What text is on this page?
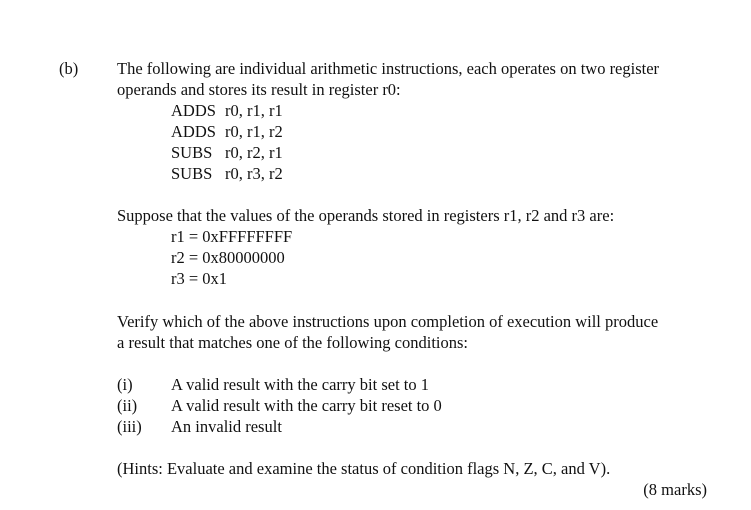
(b) The following are individual arithmetic instructions, each operates on two register
operands and stores its result in register r0:
ADDS r0, r1, r1
ADDS r0, r1, r2
SUBS r0, r2, r1
SUBS r0, r3, r2
Suppose that the values of the operands stored in registers r1, r2 and r3 are:
r1 = 0xFFFFFFFF
r2 = 0x80000000
r3 = 0x1
Verify which of the above instructions upon completion of execution will produce
a result that matches one of the following conditions:
(i) A valid result with the carry bit set to 1
(ii) A valid result with the carry bit reset to 0
(iii) An invalid result
(Hints: Evaluate and examine the status of condition flags N, Z, C, and V).
(8 marks)
